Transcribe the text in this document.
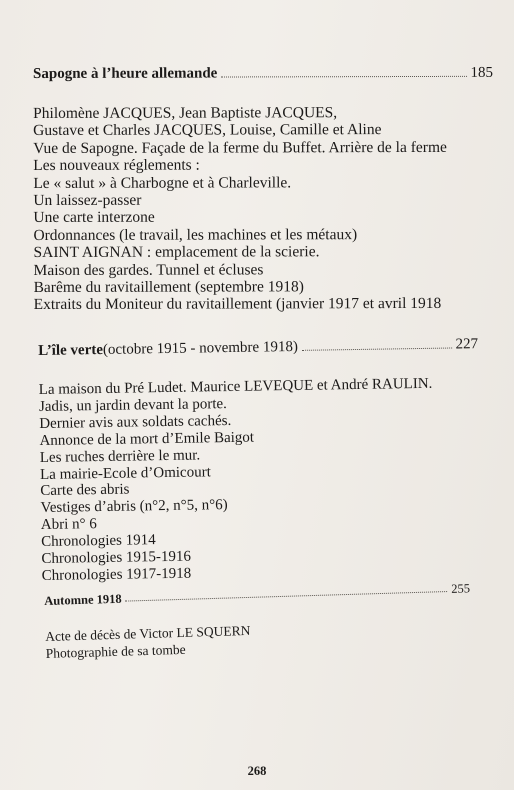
Sapogne à l’heure allemande	185
Philomène JACQUES, Jean Baptiste JACQUES,
Gustave et Charles JACQUES, Louise, Camille et Aline
Vue de Sapogne. Façade de la ferme du Buffet. Arrière de la ferme
Les nouveaux réglements :
Le « salut » à Charbogne et à Charleville.
Un laissez-passer
Une carte interzone
Ordonnances (le travail, les machines et les métaux)
SAINT AIGNAN : emplacement de la scierie.
Maison des gardes. Tunnel et écluses
Barême du ravitaillement (septembre 1918)
Extraits du Moniteur du ravitaillement (janvier 1917 et avril 1918
L’île verte (octobre 1915 - novembre 1918)	227
La maison du Pré Ludet. Maurice LEVEQUE et André RAULIN.
Jadis, un jardin devant la porte.
Dernier avis aux soldats cachés.
Annonce de la mort d’Emile Baigot
Les ruches derrière le mur.
La mairie-Ecole d’Omicourt
Carte des abris
Vestiges d’abris (n°2, n°5, n°6)
Abri n° 6
Chronologies 1914
Chronologies 1915-1916
Chronologies 1917-1918
Automne 1918
255
Acte de décès de Victor LE SQUERN
Photographie de sa tombe
268
